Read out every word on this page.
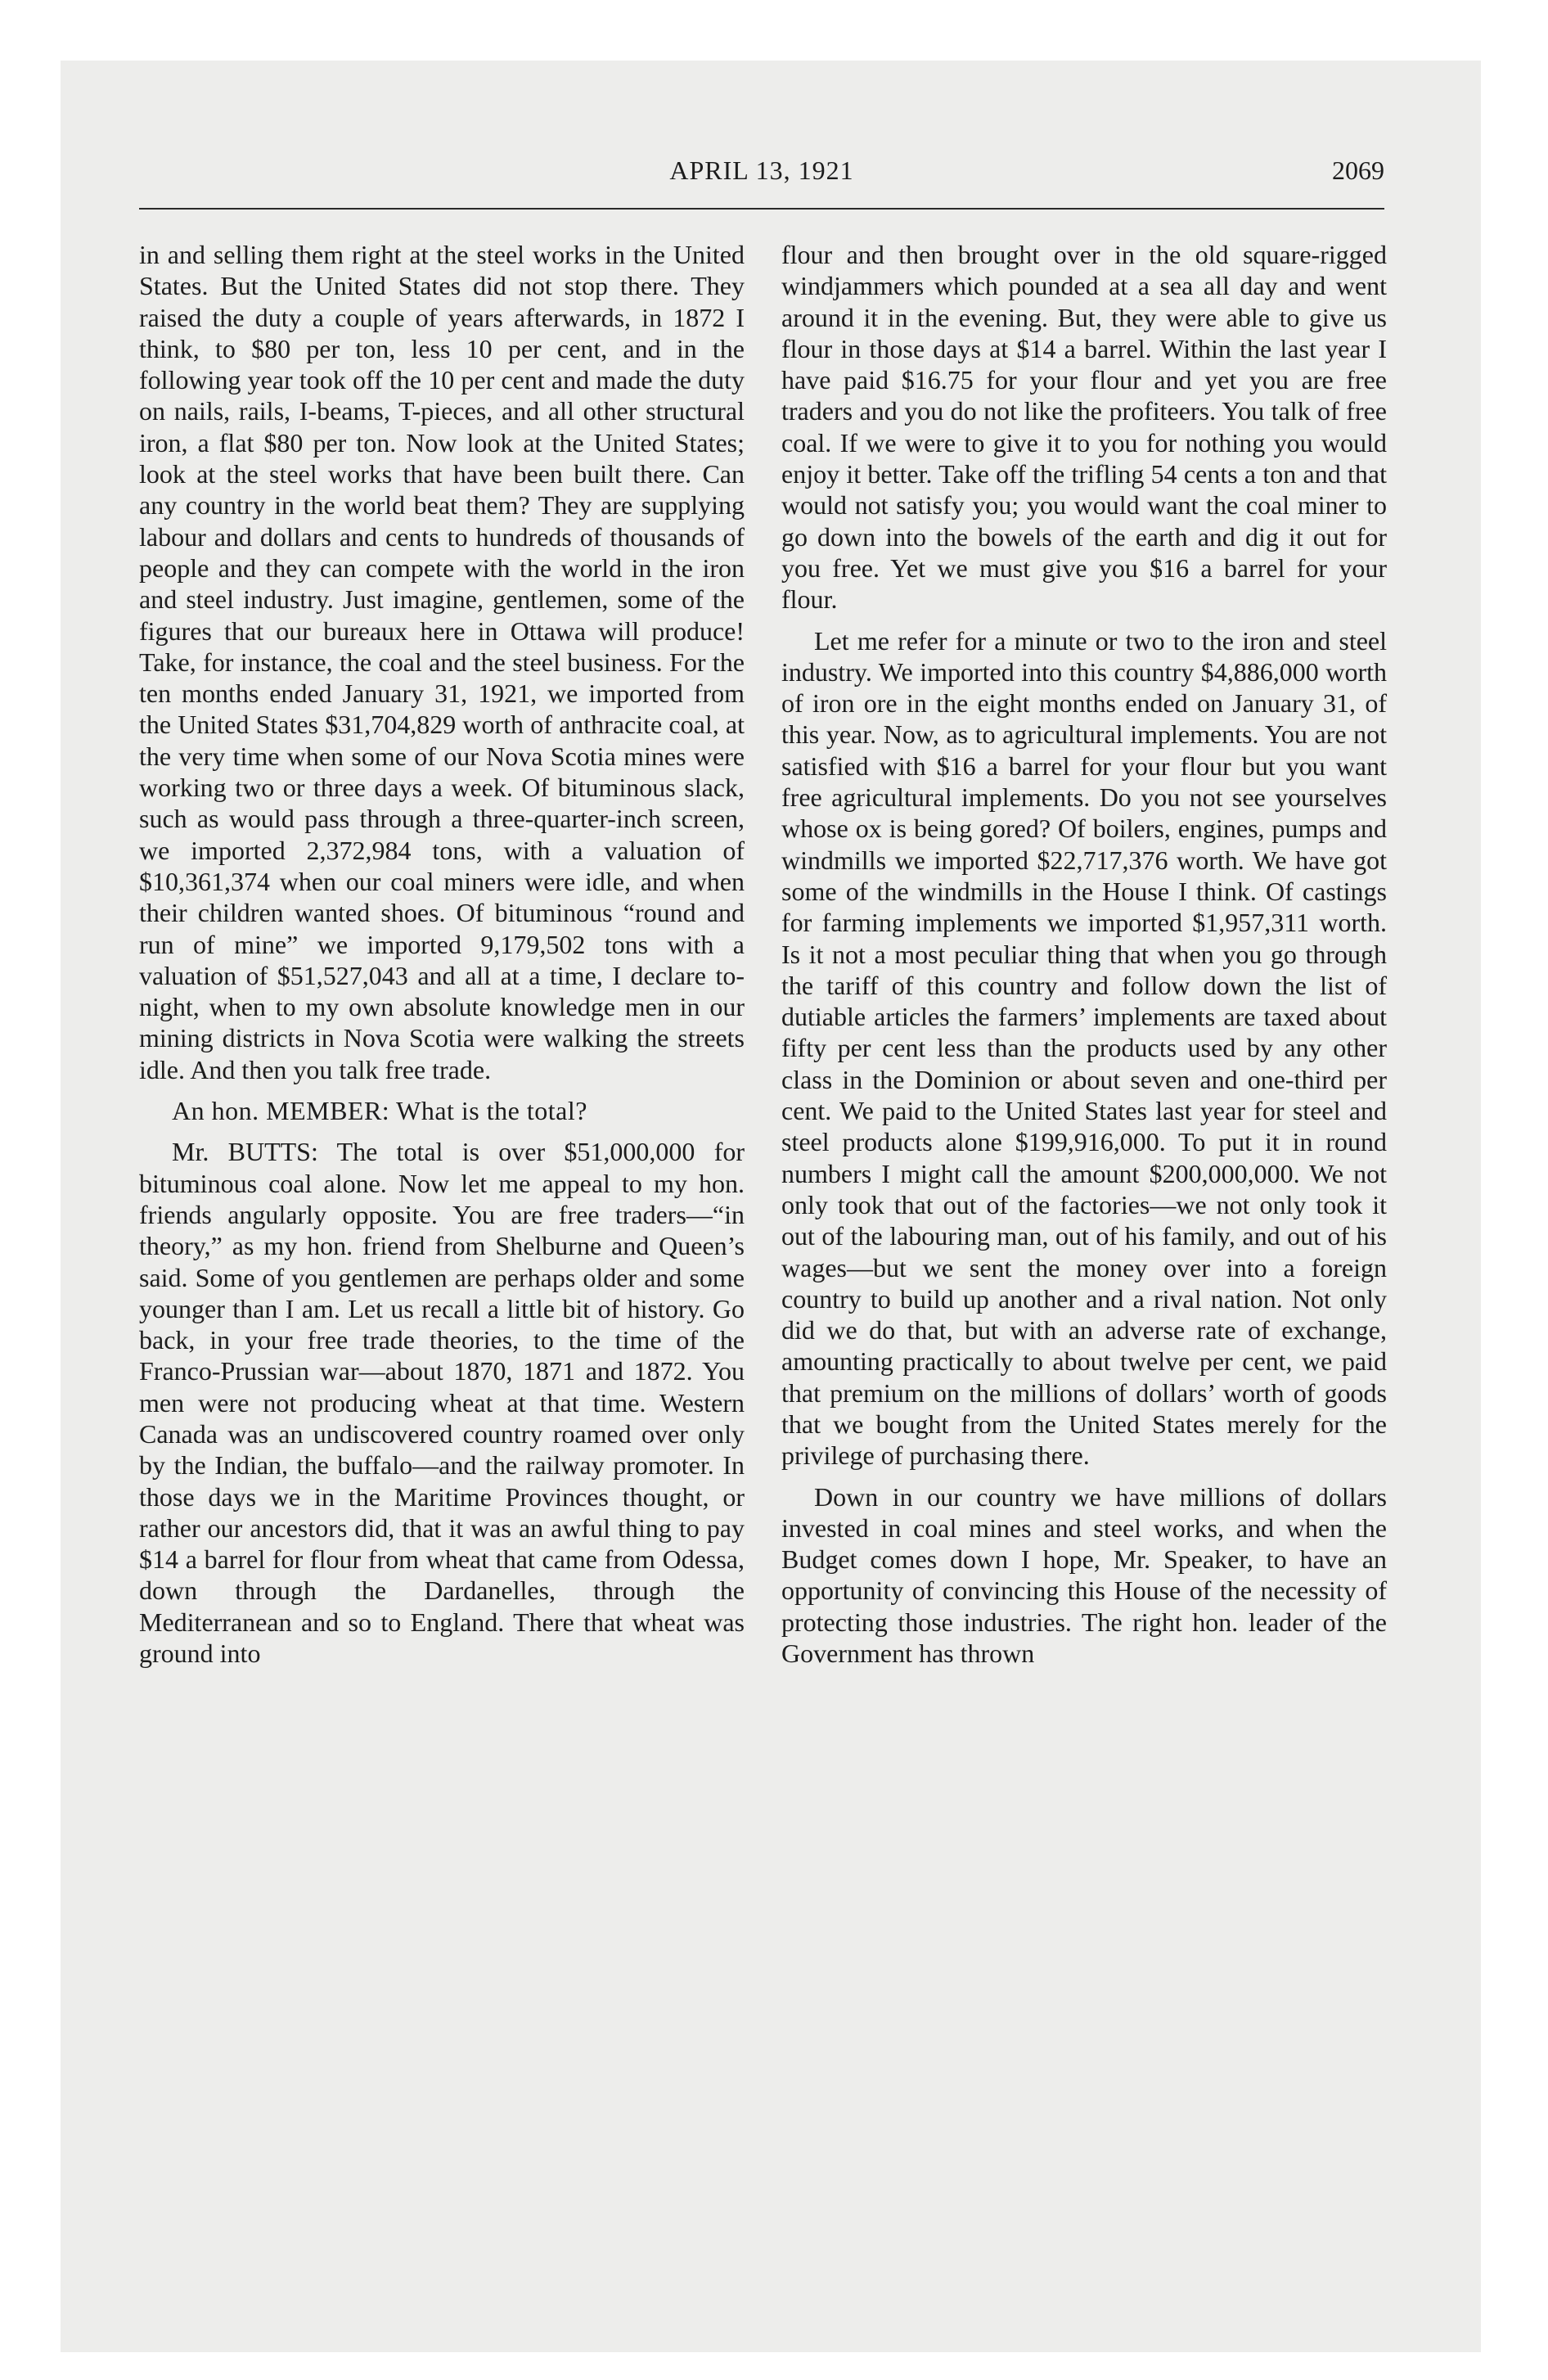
APRIL 13, 1921	2069

in and selling them right at the steel works in the United States. But the United States did not stop there. They raised the duty a couple of years afterwards, in 1872 I think, to $80 per ton, less 10 per cent, and in the following year took off the 10 per cent and made the duty on nails, rails, I-beams, T-pieces, and all other structural iron, a flat $80 per ton. Now look at the United States; look at the steel works that have been built there. Can any country in the world beat them? They are supplying labour and dollars and cents to hundreds of thousands of people and they can compete with the world in the iron and steel industry. Just imagine, gentlemen, some of the figures that our bureaux here in Ottawa will produce! Take, for instance, the coal and the steel business. For the ten months ended January 31, 1921, we imported from the United States $31,704,829 worth of anthracite coal, at the very time when some of our Nova Scotia mines were working two or three days a week. Of bituminous slack, such as would pass through a three-quarter-inch screen, we imported 2,372,984 tons, with a valuation of $10,361,374 when our coal miners were idle, and when their children wanted shoes. Of bituminous “round and run of mine” we imported 9,179,502 tons with a valuation of $51,527,043 and all at a time, I declare to-night, when to my own absolute knowledge men in our mining districts in Nova Scotia were walking the streets idle. And then you talk free trade.

An hon. MEMBER: What is the total?

Mr. BUTTS: The total is over $51,000,000 for bituminous coal alone. Now let me appeal to my hon. friends angularly opposite. You are free traders—“in theory,” as my hon. friend from Shelburne and Queen’s said. Some of you gentlemen are perhaps older and some younger than I am. Let us recall a little bit of history. Go back, in your free trade theories, to the time of the Franco-Prussian war—about 1870, 1871 and 1872. You men were not producing wheat at that time. Western Canada was an undiscovered country roamed over only by the Indian, the buffalo—and the railway promoter. In those days we in the Maritime Provinces thought, or rather our ancestors did, that it was an awful thing to pay $14 a barrel for flour from wheat that came from Odessa, down through the Dardanelles, through the Mediterranean and so to England. There that wheat was ground into

flour and then brought over in the old square-rigged windjammers which pounded at a sea all day and went around it in the evening. But, they were able to give us flour in those days at $14 a barrel. Within the last year I have paid $16.75 for your flour and yet you are free traders and you do not like the profiteers. You talk of free coal. If we were to give it to you for nothing you would enjoy it better. Take off the trifling 54 cents a ton and that would not satisfy you; you would want the coal miner to go down into the bowels of the earth and dig it out for you free. Yet we must give you $16 a barrel for your flour.

Let me refer for a minute or two to the iron and steel industry. We imported into this country $4,886,000 worth of iron ore in the eight months ended on January 31, of this year. Now, as to agricultural implements. You are not satisfied with $16 a barrel for your flour but you want free agricultural implements. Do you not see yourselves whose ox is being gored? Of boilers, engines, pumps and windmills we imported $22,717,376 worth. We have got some of the windmills in the House I think. Of castings for farming implements we imported $1,957,311 worth. Is it not a most peculiar thing that when you go through the tariff of this country and follow down the list of dutiable articles the farmers’ implements are taxed about fifty per cent less than the products used by any other class in the Dominion or about seven and one-third per cent. We paid to the United States last year for steel and steel products alone $199,916,000. To put it in round numbers I might call the amount $200,000,000. We not only took that out of the factories—we not only took it out of the labouring man, out of his family, and out of his wages—but we sent the money over into a foreign country to build up another and a rival nation. Not only did we do that, but with an adverse rate of exchange, amounting practically to about twelve per cent, we paid that premium on the millions of dollars’ worth of goods that we bought from the United States merely for the privilege of purchasing there.

Down in our country we have millions of dollars invested in coal mines and steel works, and when the Budget comes down I hope, Mr. Speaker, to have an opportunity of convincing this House of the necessity of protecting those industries. The right hon. leader of the Government has thrown
